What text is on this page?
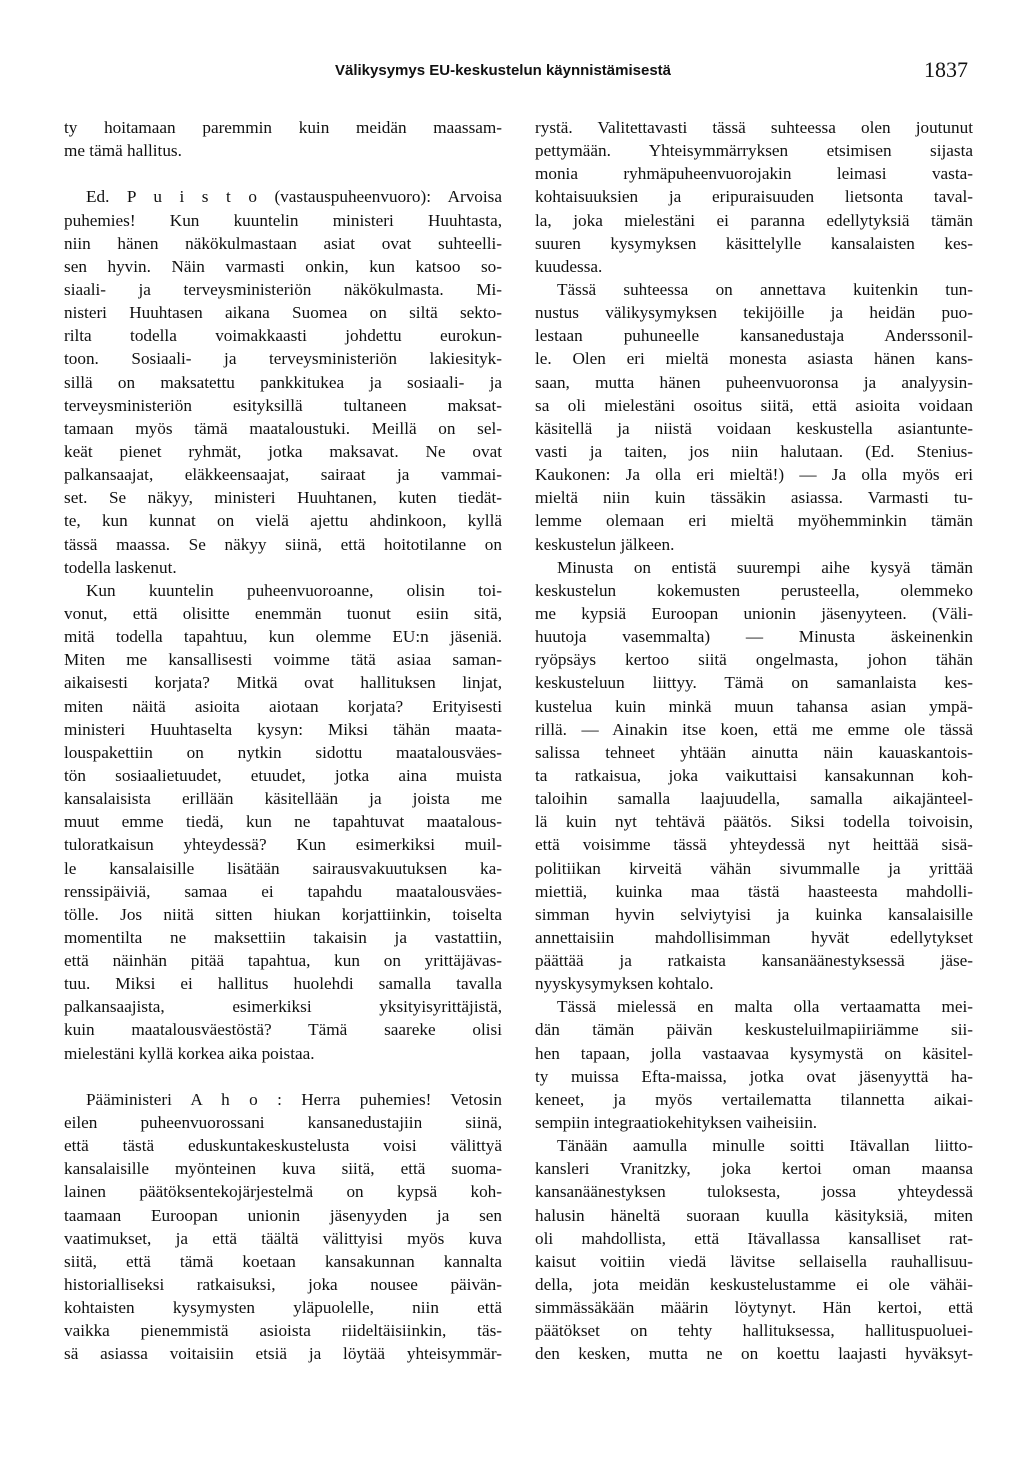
Välikysymys EU-keskustelun käynnistämisestä	1837
ty hoitamaan paremmin kuin meidän maassam-
me tämä hallitus.
Ed. P u i s t o (vastauspuheenvuoro): Arvoisa
puhemies! Kun kuuntelin ministeri Huuhtasta,
niin hänen näkökulmastaan asiat ovat suhteelli-
sen hyvin. Näin varmasti onkin, kun katsoo so-
siaali- ja terveysministeriön näkökulmasta. Mi-
nisteri Huuhtasen aikana Suomea on siltä sekto-
rilta todella voimakkaasti johdettu eurokun-
toon. Sosiaali- ja terveysministeriön lakiesityk-
sillä on maksatettu pankkitukea ja sosiaali- ja
terveysministeriön esityksillä tultaneen maksat-
tamaan myös tämä maataloustuki. Meillä on sel-
keät pienet ryhmät, jotka maksavat. Ne ovat
palkansaajat, eläkkeensaajat, sairaat ja vammai-
set. Se näkyy, ministeri Huuhtanen, kuten tiedät-
te, kun kunnat on vielä ajettu ahdinkoon, kyllä
tässä maassa. Se näkyy siinä, että hoitotilanne on
todella laskenut.
Kun kuuntelin puheenvuoroanne, olisin toi-
vonut, että olisitte enemmän tuonut esiin sitä,
mitä todella tapahtuu, kun olemme EU:n jäseniä.
Miten me kansallisesti voimme tätä asiaa saman-
aikaisesti korjata? Mitkä ovat hallituksen linjat,
miten näitä asioita aiotaan korjata? Erityisesti
ministeri Huuhtaselta kysyn: Miksi tähän maata-
louspakettiin on nytkin sidottu maatalousväes-
tön sosiaalietuudet, etuudet, jotka aina muista
kansalaisista erillään käsitellään ja joista me
muut emme tiedä, kun ne tapahtuvat maatalous-
tuloratkaisun yhteydessä? Kun esimerkiksi muil-
le kansalaisille lisätään sairausvakuutuksen ka-
renssipäiviä, samaa ei tapahdu maatalousväes-
tölle. Jos niitä sitten hiukan korjattiinkin, toiselta
momentilta ne maksettiin takaisin ja vastattiin,
että näinhän pitää tapahtua, kun on yrittäjävas-
tuu. Miksi ei hallitus huolehdi samalla tavalla
palkansaajista, esimerkiksi yksityisyrittäjistä,
kuin maatalousväestöstä? Tämä saareke olisi
mielestäni kyllä korkea aika poistaa.
Pääministeri A h o : Herra puhemies! Vetosin
eilen puheenvuorossani kansanedustajiin siinä,
että tästä eduskuntakeskustelusta voisi välittyä
kansalaisille myönteinen kuva siitä, että suoma-
lainen päätöksentekojärjestelmä on kypsä koh-
taamaan Euroopan unionin jäsenyyden ja sen
vaatimukset, ja että täältä välittyisi myös kuva
siitä, että tämä koetaan kansakunnan kannalta
historialliseksi ratkaisuksi, joka nousee päivän-
kohtaisten kysymysten yläpuolelle, niin että
vaikka pienemmistä asioista riideltäisiinkin, täs-
sä asiassa voitaisiin etsiä ja löytää yhteisymmär-
rystä. Valitettavasti tässä suhteessa olen joutunut
pettymään. Yhteisymmärryksen etsimisen sijasta
monia ryhmäpuheenvuorojakin leimasi vasta-
kohtaisuuksien ja eripuraisuuden lietsonta taval-
la, joka mielestäni ei paranna edellytyksiä tämän
suuren kysymyksen käsittelylle kansalaisten kes-
kuudessa.
Tässä suhteessa on annettava kuitenkin tun-
nustus välikysymyksen tekijöille ja heidän puo-
lestaan puhuneelle kansanedustaja Anderssonil-
le. Olen eri mieltä monesta asiasta hänen kans-
saan, mutta hänen puheenvuoronsa ja analyysin-
sa oli mielestäni osoitus siitä, että asioita voidaan
käsitellä ja niistä voidaan keskustella asiantunte-
vasti ja taiten, jos niin halutaan. (Ed. Stenius-
Kaukonen: Ja olla eri mieltä!) — Ja olla myös eri
mieltä niin kuin tässäkin asiassa. Varmasti tu-
lemme olemaan eri mieltä myöhemminkin tämän
keskustelun jälkeen.
Minusta on entistä suurempi aihe kysyä tämän
keskustelun kokemusten perusteella, olemmeko
me kypsiä Euroopan unionin jäsenyyteen. (Väli-
huutoja vasemmalta) — Minusta äskeinenkin
ryöpsäys kertoo siitä ongelmasta, johon tähän
keskusteluun liittyy. Tämä on samanlaista kes-
kustelua kuin minkä muun tahansa asian ympä-
rillä. — Ainakin itse koen, että me emme ole tässä
salissa tehneet yhtään ainutta näin kauaskantois-
ta ratkaisua, joka vaikuttaisi kansakunnan koh-
taloihin samalla laajuudella, samalla aikajänteel-
lä kuin nyt tehtävä päätös. Siksi todella toivoisin,
että voisimme tässä yhteydessä nyt heittää sisä-
politiikan kirveitä vähän sivummalle ja yrittää
miettiä, kuinka maa tästä haasteesta mahdolli-
simman hyvin selviytyisi ja kuinka kansalaisille
annettaisiin mahdollisimman hyvät edellytykset
päättää ja ratkaista kansanäänestyksessä jäse-
nyyskysymyksen kohtalo.
Tässä mielessä en malta olla vertaamatta mei-
dän tämän päivän keskusteluilmapiiriämme sii-
hen tapaan, jolla vastaavaa kysymystä on käsitel-
ty muissa Efta-maissa, jotka ovat jäsenyyttä ha-
keneet, ja myös vertailematta tilannetta aikai-
sempiin integraatiokehityksen vaiheisiin.
Tänään aamulla minulle soitti Itävallan liitto-
kansleri Vranitzky, joka kertoi oman maansa
kansanäänestyksen tuloksesta, jossa yhteydessä
halusin häneltä suoraan kuulla käsityksiä, miten
oli mahdollista, että Itävallassa kansalliset rat-
kaisut voitiin viedä lävitse sellaisella rauhallisuu-
della, jota meidän keskustelustamme ei ole vähäi-
simmässäkään määrin löytynyt. Hän kertoi, että
päätökset on tehty hallituksessa, hallituspuoluei-
den kesken, mutta ne on koettu laajasti hyväksyt-
